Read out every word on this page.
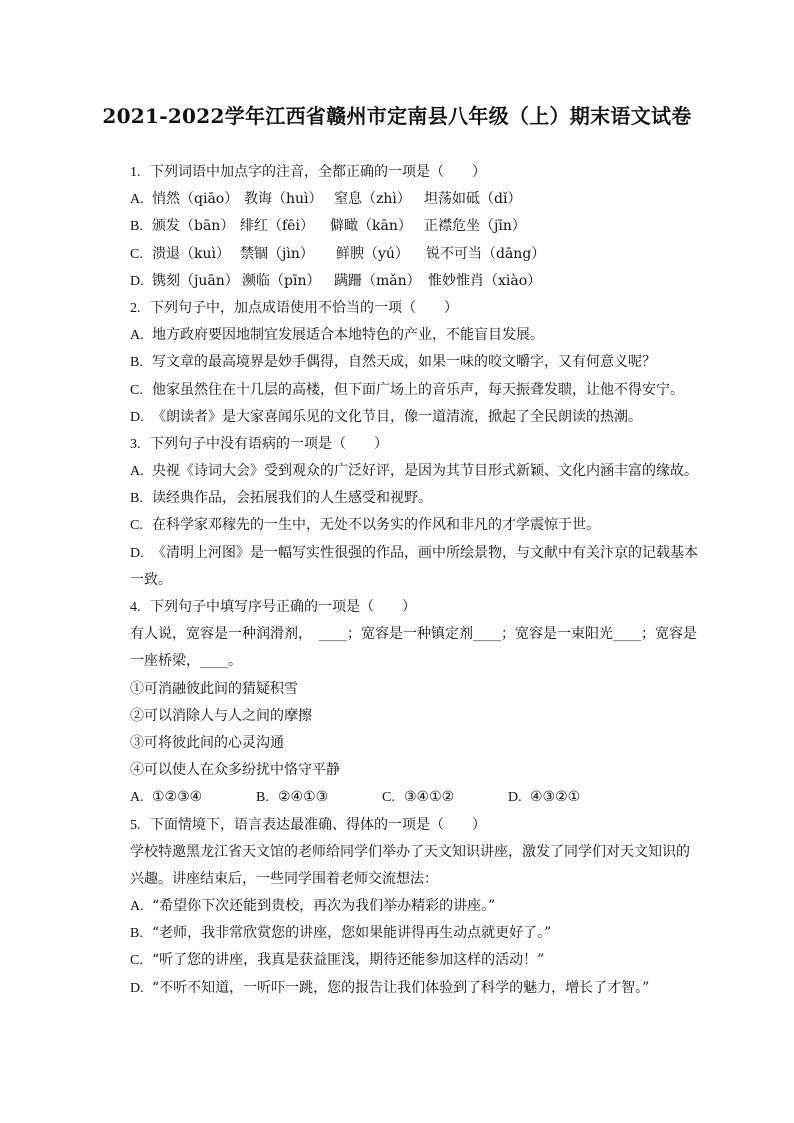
2021-2022学年江西省赣州市定南县八年级（上）期末语文试卷
1. 下列词语中加点字的注音，全都正确的一项是（　　）
A. 悄然（qiāo） 教诲（huì） 窒息（zhì） 坦荡如砥（dǐ）
B. 颁发（bān） 绯红（fēi） 僻瞰（kān） 正襟危坐（jīn）
C. 溃退（kuì） 禁锢（jìn） 鲜腴（yú） 锐不可当（dāng）
D. 镌刻（juān） 濒临（pīn） 蹒跚（mǎn） 惟妙惟肖（xiào）
2. 下列句子中，加点成语使用不恰当的一项（　　）
A. 地方政府要因地制宜发展适合本地特色的产业，不能盲目发展。
B. 写文章的最高境界是妙手偶得，自然天成，如果一味的咬文嚼字，又有何意义呢？
C. 他家虽然住在十几层的高楼，但下面广场上的音乐声，每天振聋发聩，让他不得安宁。
D. 《朗读者》是大家喜闻乐见的文化节目，像一道清流，掀起了全民朗读的热潮。
3. 下列句子中没有语病的一项是（　　）
A. 央视《诗词大会》受到观众的广泛好评，是因为其节目形式新颖、文化内涵丰富的缘故。
B. 读经典作品，会拓展我们的人生感受和视野。
C. 在科学家邓稼先的一生中，无处不以务实的作风和非凡的才学震惊于世。
D. 《清明上河图》是一幅写实性很强的作品，画中所绘景物，与文献中有关汴京的记载基本
一致。
4. 下列句子中填写序号正确的一项是（　　）
有人说，宽容是一种润滑剂，　____；宽容是一种镇定剂____；宽容是一束阳光____；宽容是
一座桥梁，____。
①可消融彼此间的猜疑积雪
②可以消除人与人之间的摩擦
③可将彼此间的心灵沟通
④可以使人在众多纷扰中恪守平静
A. ①②③④	B. ②④①③	C. ③④①②	D. ④③②①
5. 下面情境下，语言表达最准确、得体的一项是（　　）
学校特邀黑龙江省天文馆的老师给同学们举办了天文知识讲座，激发了同学们对天文知识的
兴趣。讲座结束后，一些同学围着老师交流想法：
A. “希望你下次还能到贵校，再次为我们举办精彩的讲座。”
B. “老师，我非常欣赏您的讲座，您如果能讲得再生动点就更好了。”
C. “听了您的讲座，我真是获益匪浅，期待还能参加这样的活动！”
D. “不听不知道，一听吓一跳，您的报告让我们体验到了科学的魅力，增长了才智。”
